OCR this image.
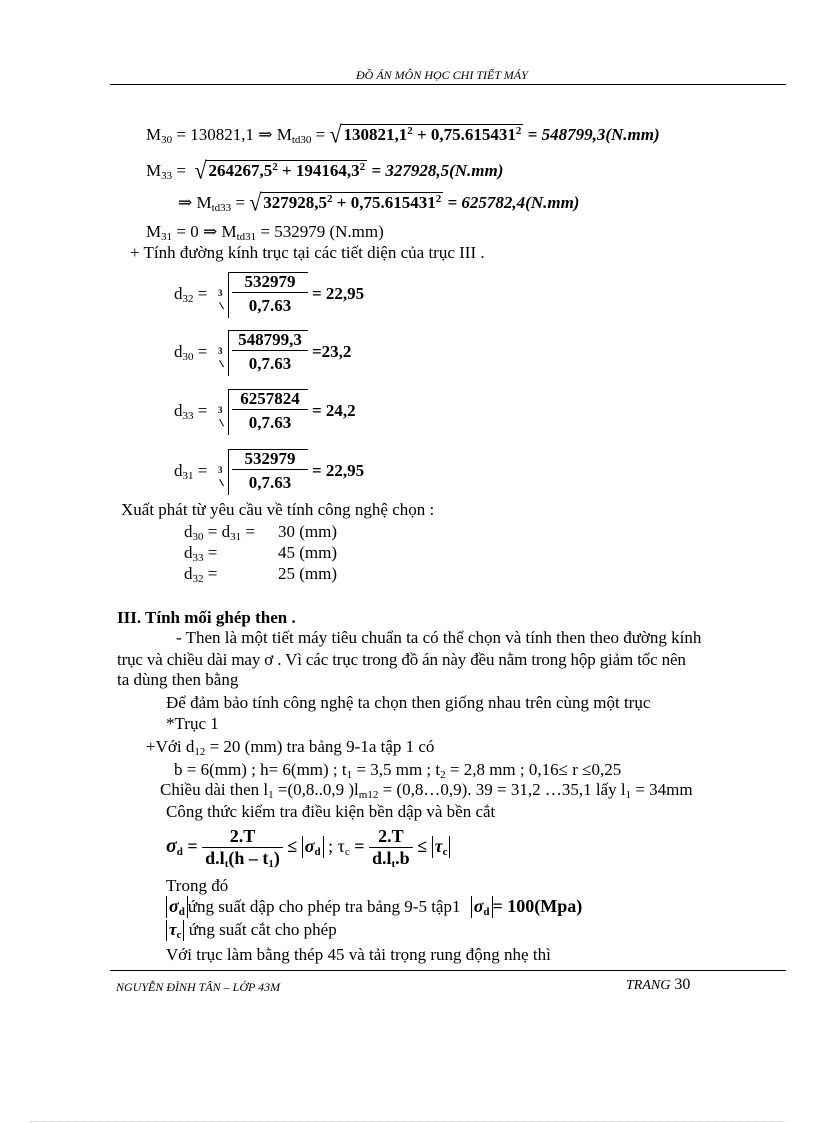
ĐỒ ÁN MÔN HỌC CHI TIẾT MÁY
$M_{30} = 130821,1$ ⇒ $M_{td30}$ = √ $130821,1^2 + 0,75.615431^2 = 548799,3(N.mm)$
$M_{33}$ = √ $264267,5^2 + 194164,3^2 = 327928,5(N.mm)$
⇒ $M_{td33}$ = √ $327928,5^2 + 0,75.615431^2 = 625782,4(N.mm)$
$M_{31} = 0$ ⇒ $M_{td31} = 532979$ (N.mm)
+ Tính đường kính trục tại các tiết diện của trục III .
$d_{32} = 3 \frac{532979}{0,7.63} = 22,95$
$d_{30} = 3 \frac{548799,3}{0,7.63} =23,2$
$d_{33} = 3 \frac{6257824}{0,7.63} = 24,2$
$d_{31} = 3 \frac{532979}{0,7.63} = 22,95$
Xuất phát từ yêu cầu về tính công nghệ chọn :
$d_{30} = d_{31} = 30$ (mm)
$d_{33}$ =	45 (mm)
$d_{32}$ =	25 (mm)
III. Tính mối ghép then .
- Then là một tiết máy tiêu chuẩn ta có thể chọn và tính then theo đường kính
trục và chiều dài may ơ . Vì các trục trong đồ án này đều nằm trong hộp giảm tốc nên
ta dùng then bằng
Để đảm bảo tính công nghệ ta chọn then giống nhau trên cùng một trục
*Trục 1
+Với $d_{12} = 20$ (mm) tra bảng 9-1a tập 1 có
b = 6(mm) ; h= 6(mm) ; $t_1 = 3,5$ mm ; $t_2 = 2,8$ mm ; 0,16≤ r ≤0,25
Chiều dài then $l_1 =(0,8..0,9$ )$l_{m12}$ = (0,8…0,9). 39 = 31,2 …35,1 lấy $l_1 = 34mm$
Công thức kiểm tra điều kiện bền dập và bền cắt
$\sigma_d = \frac{2.T}{d.l_t(h - t_1)} \le \sigma_d$ ; $\tau_c = \frac{2.T}{d.l_t.b} \le \tau_c$
Trong đó
$\sigma_d$ ứng suất dập cho phép tra bảng 9-5 tập1 $\sigma_d = 100(Mpa)$
$\tau_c$ ứng suất cắt cho phép
Với trục làm bằng thép 45 và tải trọng rung động nhẹ thì
NGUYỄN ĐÌNH TÂN – LỚP 43M	TRANG 30
